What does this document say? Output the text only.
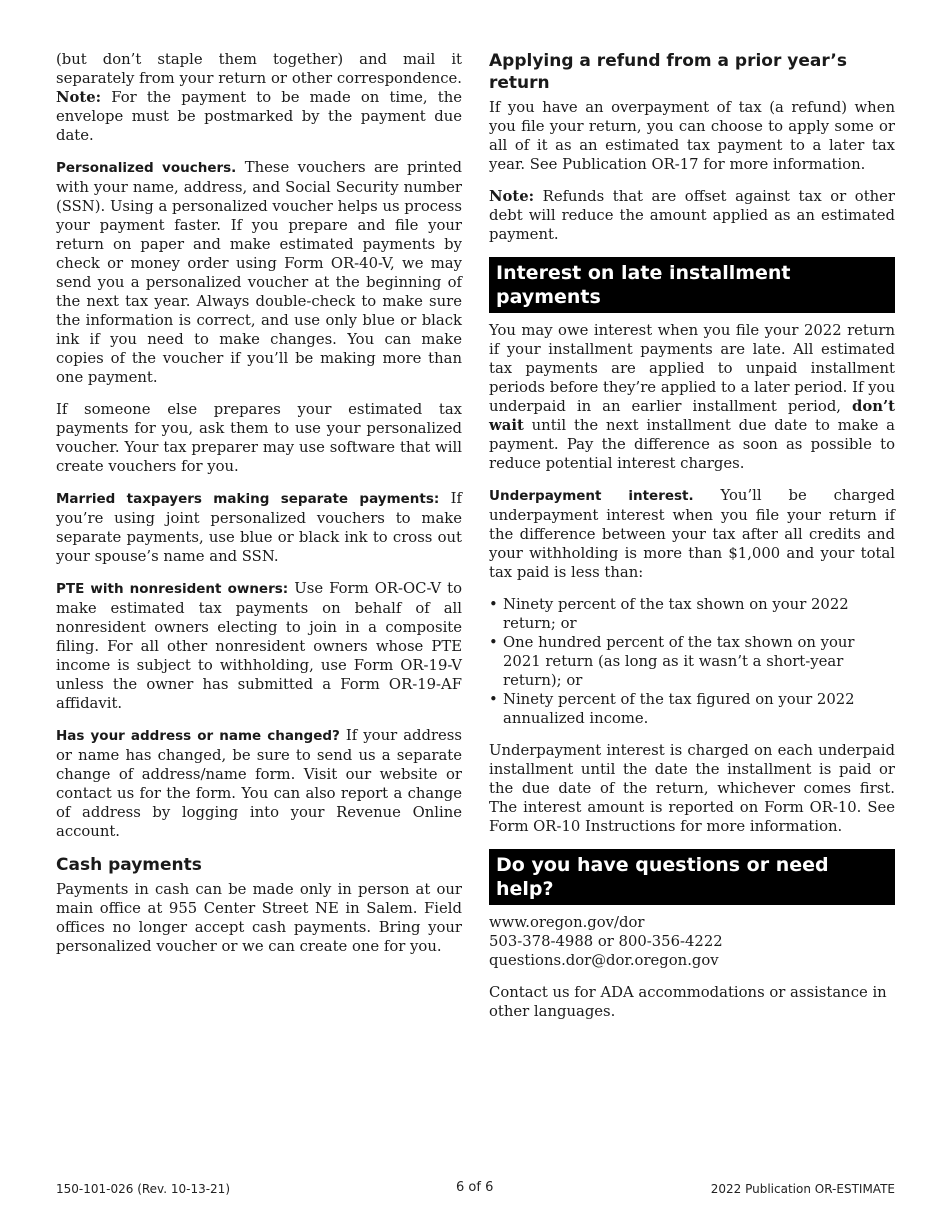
(but don’t staple them together) and mail it separately from your return or other correspondence. Note: For the payment to be made on time, the envelope must be postmarked by the payment due date.

Personalized vouchers. These vouchers are printed with your name, address, and Social Security number (SSN). Using a personalized voucher helps us process your payment faster. If you prepare and file your return on paper and make estimated payments by check or money order using Form OR-40-V, we may send you a personalized voucher at the beginning of the next tax year. Always double-check to make sure the information is correct, and use only blue or black ink if you need to make changes. You can make copies of the voucher if you’ll be making more than one payment.

If someone else prepares your estimated tax payments for you, ask them to use your personalized voucher. Your tax preparer may use software that will create vouchers for you.

Married taxpayers making separate payments: If you’re using joint personalized vouchers to make separate payments, use blue or black ink to cross out your spouse’s name and SSN.

PTE with nonresident owners: Use Form OR-OC-V to make estimated tax payments on behalf of all nonresident owners electing to join in a composite filing. For all other nonresident owners whose PTE income is subject to withholding, use Form OR-19-V unless the owner has submitted a Form OR-19-AF affidavit.

Has your address or name changed? If your address or name has changed, be sure to send us a separate change of address/name form. Visit our website or contact us for the form. You can also report a change of address by logging into your Revenue Online account.

Cash payments

Payments in cash can be made only in person at our main office at 955 Center Street NE in Salem. Field offices no longer accept cash payments. Bring your personalized voucher or we can create one for you.

Applying a refund from a prior year’s return

If you have an overpayment of tax (a refund) when you file your return, you can choose to apply some or all of it as an estimated tax payment to a later tax year. See Publication OR-17 for more information.

Note: Refunds that are offset against tax or other debt will reduce the amount applied as an estimated payment.

Interest on late installment payments

You may owe interest when you file your 2022 return if your installment payments are late. All estimated tax payments are applied to unpaid installment periods before they’re applied to a later period. If you underpaid in an earlier installment period, don’t wait until the next installment due date to make a payment. Pay the difference as soon as possible to reduce potential interest charges.

Underpayment interest. You’ll be charged underpayment interest when you file your return if the difference between your tax after all credits and your withholding is more than $1,000 and your total tax paid is less than:

• Ninety percent of the tax shown on your 2022 return; or
• One hundred percent of the tax shown on your 2021 return (as long as it wasn’t a short-year return); or
• Ninety percent of the tax figured on your 2022 annualized income.

Underpayment interest is charged on each underpaid installment until the date the installment is paid or the due date of the return, whichever comes first. The interest amount is reported on Form OR-10. See Form OR-10 Instructions for more information.

Do you have questions or need help?

www.oregon.gov/dor

503-378-4988 or 800-356-4222

questions.dor@dor.oregon.gov

Contact us for ADA accommodations or assistance in other languages.

150-101-026 (Rev. 10-13-21)	6 of 6	2022 Publication OR-ESTIMATE
